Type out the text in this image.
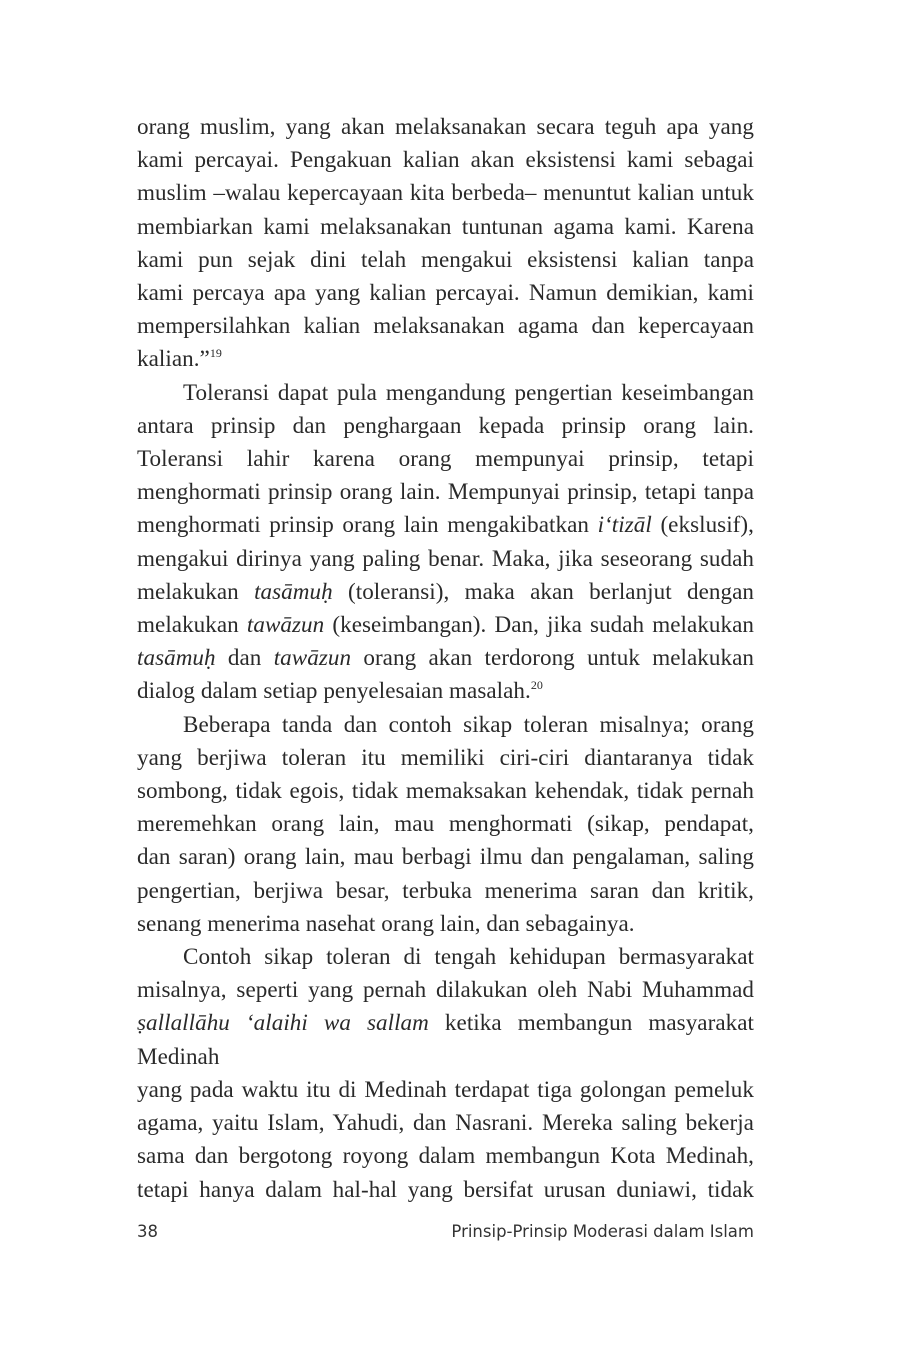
orang muslim, yang akan melaksanakan secara teguh apa yang
kami percayai. Pengakuan kalian akan eksistensi kami sebagai
muslim –walau kepercayaan kita berbeda– menuntut kalian untuk
membiarkan kami melaksanakan tuntunan agama kami. Karena
kami pun sejak dini telah mengakui eksistensi kalian tanpa
kami percaya apa yang kalian percayai. Namun demikian, kami
mempersilahkan kalian melaksanakan agama dan kepercayaan
kalian.”$^{19}$
Toleransi dapat pula mengandung pengertian keseimbangan
antara prinsip dan penghargaan kepada prinsip orang lain.
Toleransi lahir karena orang mempunyai prinsip, tetapi
menghormati prinsip orang lain. Mempunyai prinsip, tetapi tanpa
menghormati prinsip orang lain mengakibatkan i‘tizāl (ekslusif),
mengakui dirinya yang paling benar. Maka, jika seseorang sudah
melakukan tasāmuḥ (toleransi), maka akan berlanjut dengan
melakukan tawāzun (keseimbangan). Dan, jika sudah melakukan
tasāmuḥ dan tawāzun orang akan terdorong untuk melakukan
dialog dalam setiap penyelesaian masalah.$^{20}$
Beberapa tanda dan contoh sikap toleran misalnya; orang
yang berjiwa toleran itu memiliki ciri-ciri diantaranya tidak
sombong, tidak egois, tidak memaksakan kehendak, tidak pernah
meremehkan orang lain, mau menghormati (sikap, pendapat,
dan saran) orang lain, mau berbagi ilmu dan pengalaman, saling
pengertian, berjiwa besar, terbuka menerima saran dan kritik,
senang menerima nasehat orang lain, dan sebagainya.
Contoh sikap toleran di tengah kehidupan bermasyarakat
misalnya, seperti yang pernah dilakukan oleh Nabi Muhammad
ṣallallāhu ‘alaihi wa sallam ketika membangun masyarakat Medinah
yang pada waktu itu di Medinah terdapat tiga golongan pemeluk
agama, yaitu Islam, Yahudi, dan Nasrani. Mereka saling bekerja
sama dan bergotong royong dalam membangun Kota Medinah,
tetapi hanya dalam hal-hal yang bersifat urusan duniawi, tidak
38	Prinsip-Prinsip Moderasi dalam Islam
